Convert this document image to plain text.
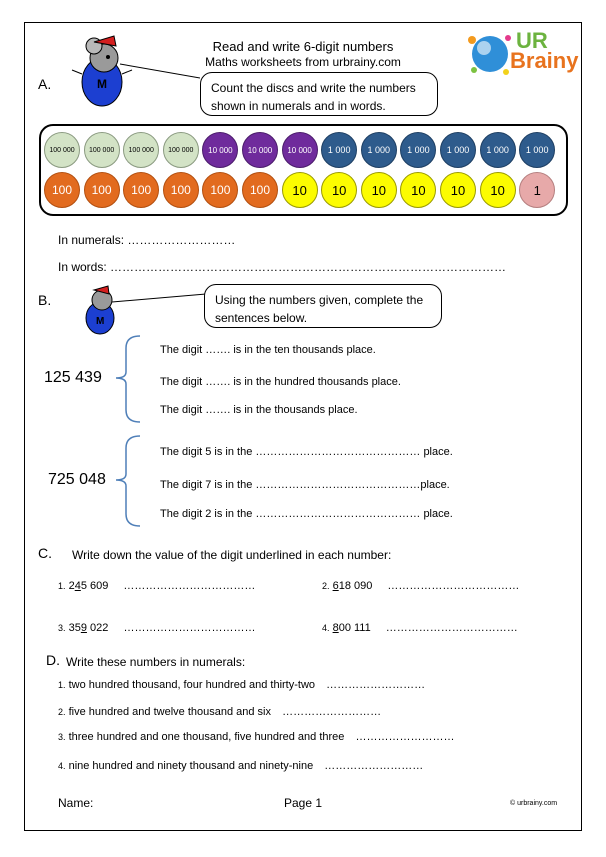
Read and write 6-digit numbers
Maths worksheets from urbrainy.com
UR
Brainy
A.	M	Count the discs and write the numbers
shown in numerals and in words.
100 000	100 000	100 000	100 000	10 000	10 000	10 000	1 000	1 000	1 000	1 000	1 000	1 000
100	100	100	100	100	100	10	10	10	10	10	10	1
In numerals: ………………………
In words: ………………………………………………………………………………………
B.
M
Using the numbers given, complete the
sentences below.
125 439
The digit ……. is in the ten thousands place.
The digit ……. is in the hundred thousands place.
The digit ……. is in the thousands place.
725 048
The digit 5 is in the ……………………………………… place.
The digit 7 is in the ………………………………………place.
The digit 2 is in the ……………………………………… place.
C. Write down the value of the digit underlined in each number:
1. 245 609 ………………………………	2. 618 090 ………………………………
3. 359 022 ………………………………	4. 800 111 ………………………………
D. Write these numbers in numerals:
1. two hundred thousand, four hundred and thirty-two ………………………
2. five hundred and twelve thousand and six ………………………
3. three hundred and one thousand, five hundred and three ………………………
4. nine hundred and ninety thousand and ninety-nine ………………………
Name:	Page 1	© urbrainy.com
